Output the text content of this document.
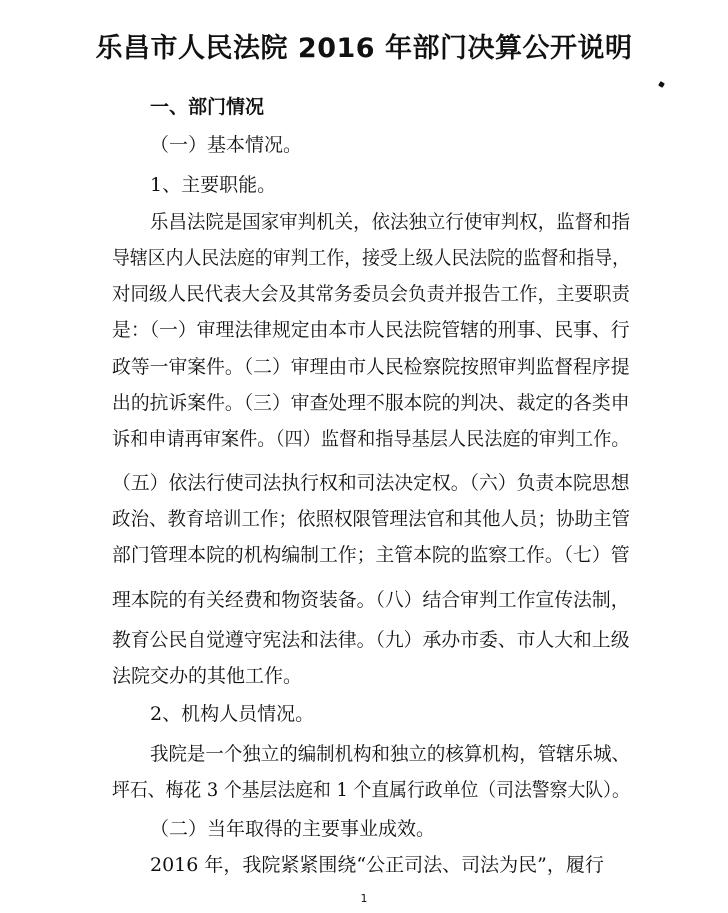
乐昌市人民法院 2016 年部门决算公开说明
一、部门情况
（一）基本情况。
1、主要职能。
乐昌法院是国家审判机关，依法独立行使审判权，监督和指
导辖区内人民法庭的审判工作，接受上级人民法院的监督和指导，
对同级人民代表大会及其常务委员会负责并报告工作，主要职责
是：（一）审理法律规定由本市人民法院管辖的刑事、民事、行
政等一审案件。（二）审理由市人民检察院按照审判监督程序提
出的抗诉案件。（三）审查处理不服本院的判决、裁定的各类申
诉和申请再审案件。（四）监督和指导基层人民法庭的审判工作。
（五）依法行使司法执行权和司法决定权。（六）负责本院思想
政治、教育培训工作；依照权限管理法官和其他人员；协助主管
部门管理本院的机构编制工作；主管本院的监察工作。（七）管
理本院的有关经费和物资装备。（八）结合审判工作宣传法制，
教育公民自觉遵守宪法和法律。（九）承办市委、市人大和上级
法院交办的其他工作。
2、机构人员情况。
我院是一个独立的编制机构和独立的核算机构，管辖乐城、
坪石、梅花 3 个基层法庭和 1 个直属行政单位（司法警察大队）。
（二）当年取得的主要事业成效。
2016 年，我院紧紧围绕“公正司法、司法为民”，履行
1
